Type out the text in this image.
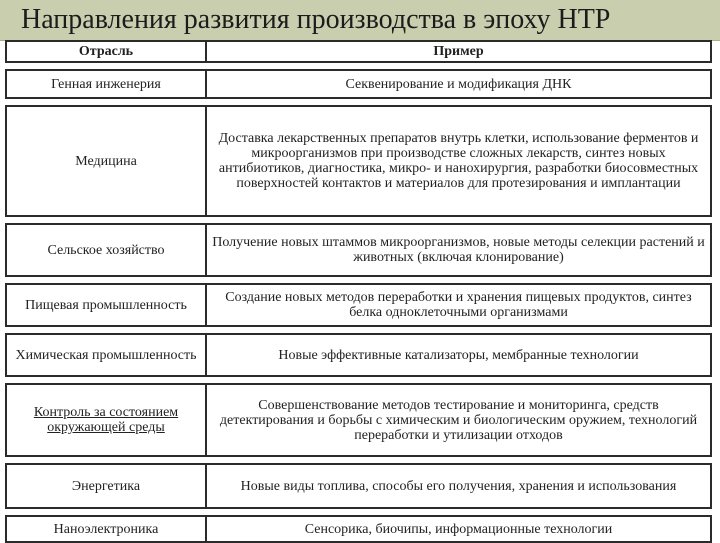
Направления развития производства в эпоху НТР
Отрасль	Пример

Генная инженерия	Секвенирование и модификация ДНК

Медицина	Доставка лекарственных препаратов внутрь клетки, использование ферментов и микроорганизмов при производстве сложных лекарств, синтез новых антибиотиков, диагностика, микро- и нанохирургия, разработки биосовместных поверхностей контактов и материалов для протезирования и имплантации

Сельское хозяйство	Получение новых штаммов микроорганизмов, новые методы селекции растений и животных (включая клонирование)

Пищевая промышленность	Создание новых методов переработки и хранения пищевых продуктов, синтез белка одноклеточными организмами

Химическая промышленность	Новые эффективные катализаторы, мембранные технологии

Контроль за состоянием окружающей среды	Совершенствование методов тестирование и мониторинга, средств детектирования и борьбы с химическим и биологическим оружием, технологий переработки и утилизации отходов

Энергетика	Новые виды топлива, способы его получения, хранения и использования

Наноэлектроника	Сенсорика, биочипы, информационные технологии
